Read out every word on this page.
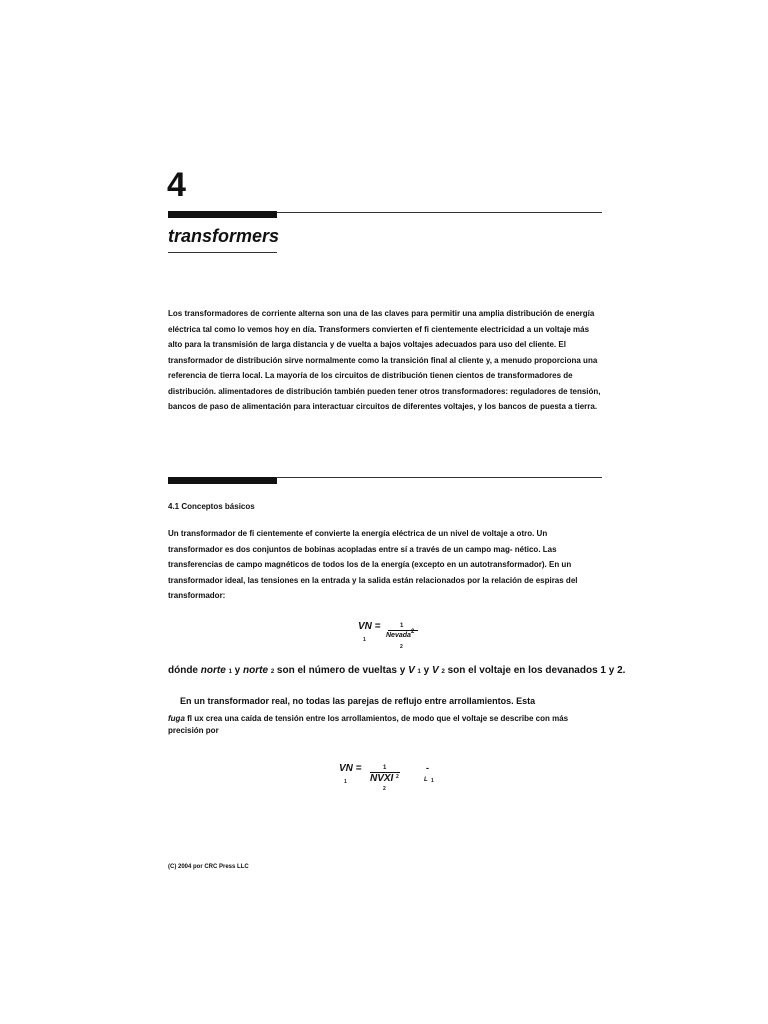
4
transformers
Los transformadores de corriente alterna son una de las claves para permitir una amplia distribución de energía eléctrica tal como lo vemos hoy en día. Transformers convierten ef fi cientemente electricidad a un voltaje más alto para la transmisión de larga distancia y de vuelta a bajos voltajes adecuados para uso del cliente. El transformador de distribución sirve normalmente como la transición final al cliente y, a menudo proporciona una referencia de tierra local. La mayoría de los circuitos de distribución tienen cientos de transformadores de distribución. alimentadores de distribución también pueden tener otros transformadores: reguladores de tensión, bancos de paso de alimentación para interactuar circuitos de diferentes voltajes, y los bancos de puesta a tierra.
4.1 Conceptos básicos
Un transformador de fi cientemente ef convierte la energía eléctrica de un nivel de voltaje a otro. Un transformador es dos conjuntos de bobinas acopladas entre sí a través de un campo mag- nético. Las transferencias de campo magnéticos de todos los de la energía (excepto en un autotransformador). En un transformador ideal, las tensiones en la entrada y la salida están relacionados por la relación de espiras del transformador:
VN =
1
1
Nevada 2
2
dónde norte 1 y norte 2 son el número de vueltas y V 1 y V 2 son el voltaje en los devanados 1 y 2.
En un transformador real, no todas las parejas de reflujo entre arrollamientos. Esta
fuga fl ux crea una caída de tensión entre los arrollamientos, de modo que el voltaje se describe con más
precisión por
VN =
1
1	-
NVXI 2
2
L 1
(C) 2004 por CRC Press LLC
